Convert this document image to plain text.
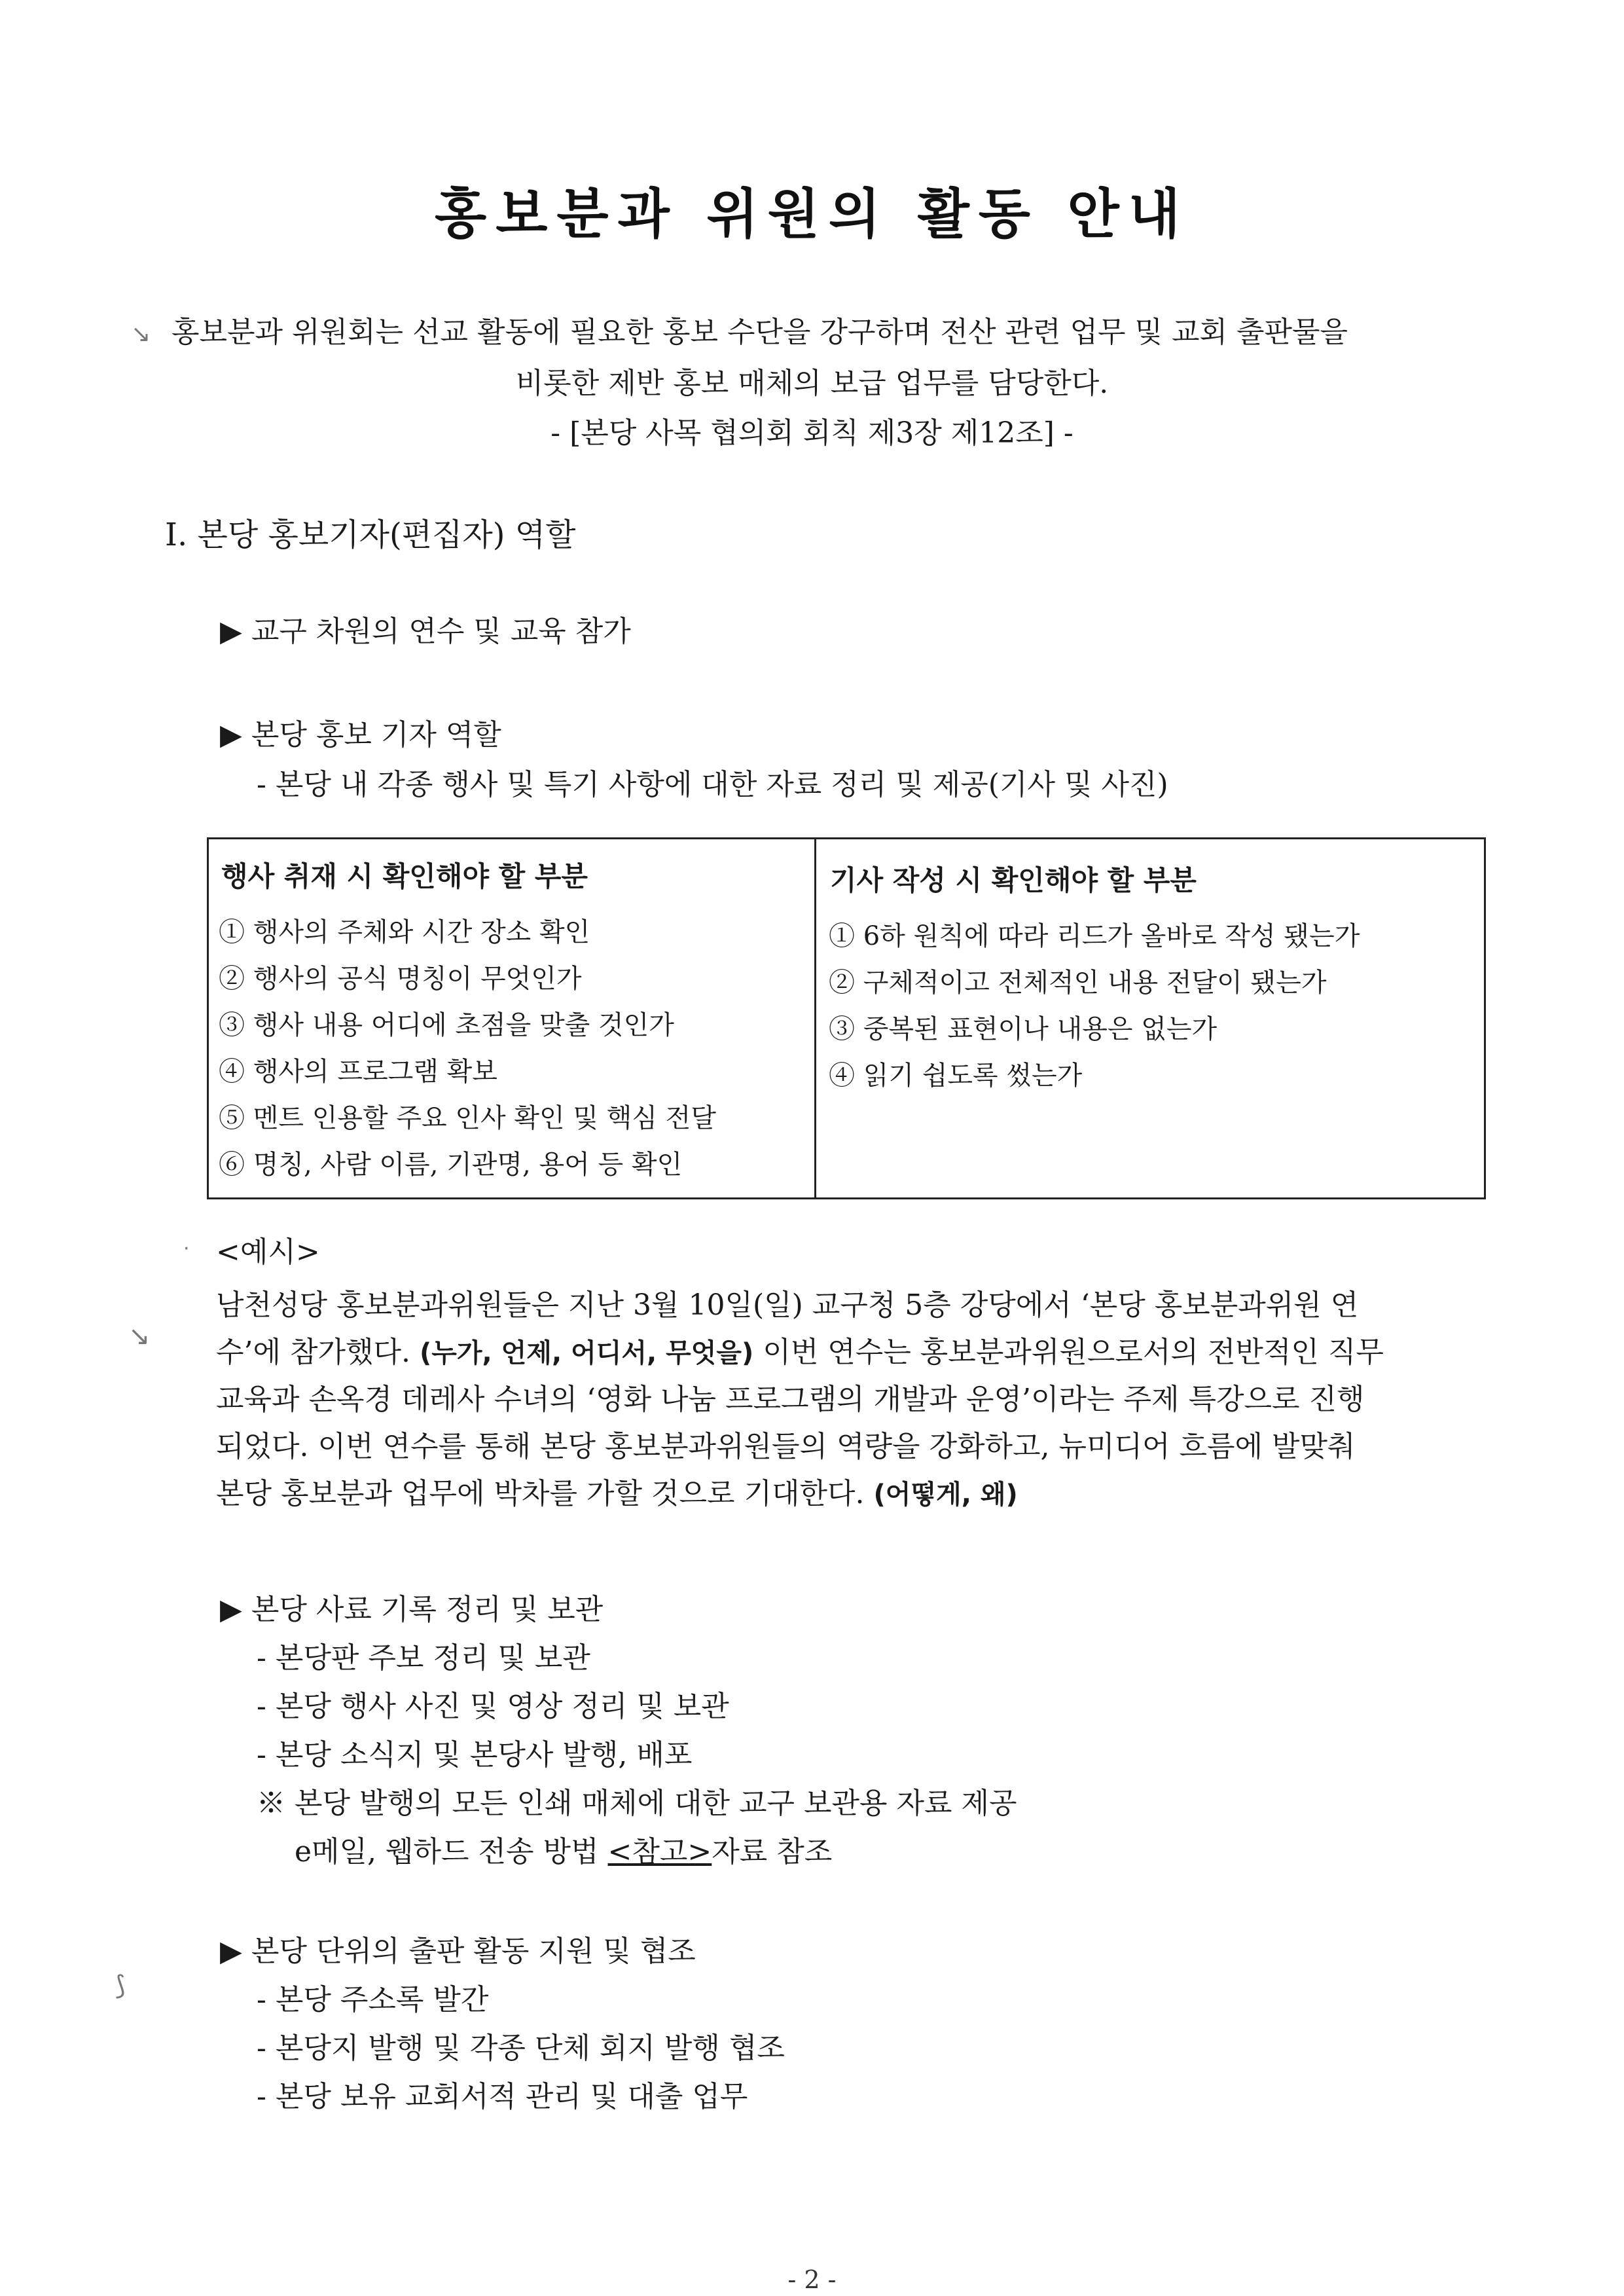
홍보분과 위원의 활동 안내
↘ 홍보분과 위원회는 선교 활동에 필요한 홍보 수단을 강구하며 전산 관련 업무 및 교회 출판물을
비롯한 제반 홍보 매체의 보급 업무를 담당한다.
- [본당 사목 협의회 회칙 제3장 제12조] -
Ⅰ. 본당 홍보기자(편집자) 역할
▶ 교구 차원의 연수 및 교육 참가
▶ 본당 홍보 기자 역할
- 본당 내 각종 행사 및 특기 사항에 대한 자료 정리 및 제공(기사 및 사진)
행사 취재 시 확인해야 할 부분
① 행사의 주체와 시간 장소 확인
② 행사의 공식 명칭이 무엇인가
③ 행사 내용 어디에 초점을 맞출 것인가
④ 행사의 프로그램 확보
⑤ 멘트 인용할 주요 인사 확인 및 핵심 전달
⑥ 명칭, 사람 이름, 기관명, 용어 등 확인
기사 작성 시 확인해야 할 부분
① 6하 원칙에 따라 리드가 올바로 작성 됐는가
② 구체적이고 전체적인 내용 전달이 됐는가
③ 중복된 표현이나 내용은 없는가
④ 읽기 쉽도록 썼는가
· <예시>
↘
남천성당 홍보분과위원들은 지난 3월 10일(일) 교구청 5층 강당에서 ‘본당 홍보분과위원 연
수’에 참가했다. (누가, 언제, 어디서, 무엇을) 이번 연수는 홍보분과위원으로서의 전반적인 직무
교육과 손옥경 데레사 수녀의 ‘영화 나눔 프로그램의 개발과 운영’이라는 주제 특강으로 진행
되었다. 이번 연수를 통해 본당 홍보분과위원들의 역량을 강화하고, 뉴미디어 흐름에 발맞춰
본당 홍보분과 업무에 박차를 가할 것으로 기대한다. (어떻게, 왜)
▶ 본당 사료 기록 정리 및 보관
- 본당판 주보 정리 및 보관
- 본당 행사 사진 및 영상 정리 및 보관
- 본당 소식지 및 본당사 발행, 배포
※ 본당 발행의 모든 인쇄 매체에 대한 교구 보관용 자료 제공
e메일, 웹하드 전송 방법 <참고>자료 참조
⟆
▶ 본당 단위의 출판 활동 지원 및 협조
- 본당 주소록 발간
- 본당지 발행 및 각종 단체 회지 발행 협조
- 본당 보유 교회서적 관리 및 대출 업무
- 2 -
